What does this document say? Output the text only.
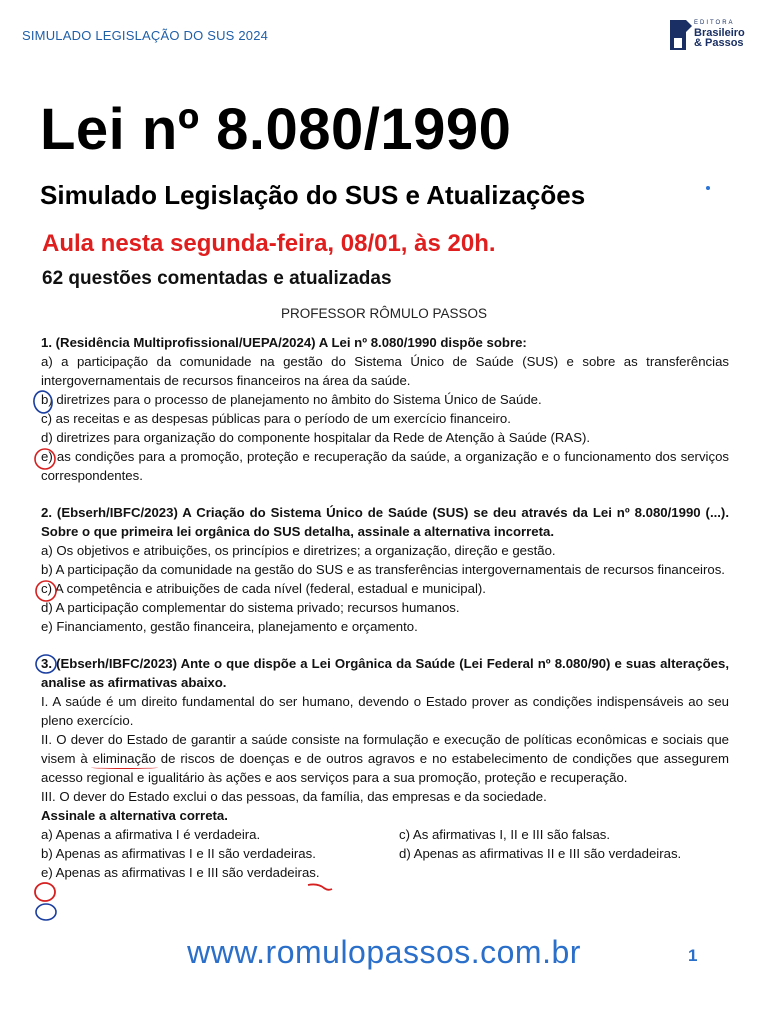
SIMULADO LEGISLAÇÃO DO SUS 2024
EDITORA
Brasileiro
& Passos
Lei nº 8.080/1990
Simulado Legislação do SUS e Atualizações
Aula nesta segunda-feira, 08/01, às 20h.
62 questões comentadas e atualizadas
PROFESSOR RÔMULO PASSOS
1. (Residência Multiprofissional/UEPA/2024) A Lei nº 8.080/1990 dispõe sobre:
a) a participação da comunidade na gestão do Sistema Único de Saúde (SUS) e sobre as transferências intergovernamentais de recursos financeiros na área da saúde.
b) diretrizes para o processo de planejamento no âmbito do Sistema Único de Saúde.
c) as receitas e as despesas públicas para o período de um exercício financeiro.
d) diretrizes para organização do componente hospitalar da Rede de Atenção à Saúde (RAS).
e) as condições para a promoção, proteção e recuperação da saúde, a organização e o funcionamento dos serviços correspondentes.
2. (Ebserh/IBFC/2023) A Criação do Sistema Único de Saúde (SUS) se deu através da Lei nº 8.080/1990 (...). Sobre o que primeira lei orgânica do SUS detalha, assinale a alternativa incorreta.
a) Os objetivos e atribuições, os princípios e diretrizes; a organização, direção e gestão.
b) A participação da comunidade na gestão do SUS e as transferências intergovernamentais de recursos financeiros.
c) A competência e atribuições de cada nível (federal, estadual e municipal).
d) A participação complementar do sistema privado; recursos humanos.
e) Financiamento, gestão financeira, planejamento e orçamento.
3. (Ebserh/IBFC/2023) Ante o que dispõe a Lei Orgânica da Saúde (Lei Federal nº 8.080/90) e suas alterações, analise as afirmativas abaixo.
I. A saúde é um direito fundamental do ser humano, devendo o Estado prover as condições indispensáveis ao seu pleno exercício.
II. O dever do Estado de garantir a saúde consiste na formulação e execução de políticas econômicas e sociais que visem à eliminação de riscos de doenças e de outros agravos e no estabelecimento de condições que assegurem acesso regional e igualitário às ações e aos serviços para a sua promoção, proteção e recuperação.
III. O dever do Estado exclui o das pessoas, da família, das empresas e da sociedade.
Assinale a alternativa correta.
a) Apenas a afirmativa I é verdadeira.	c) As afirmativas I, II e III são falsas.
b) Apenas as afirmativas I e II são verdadeiras.	d) Apenas as afirmativas II e III são verdadeiras.
e) Apenas as afirmativas I e III são verdadeiras.
www.romulopassos.com.br	1
